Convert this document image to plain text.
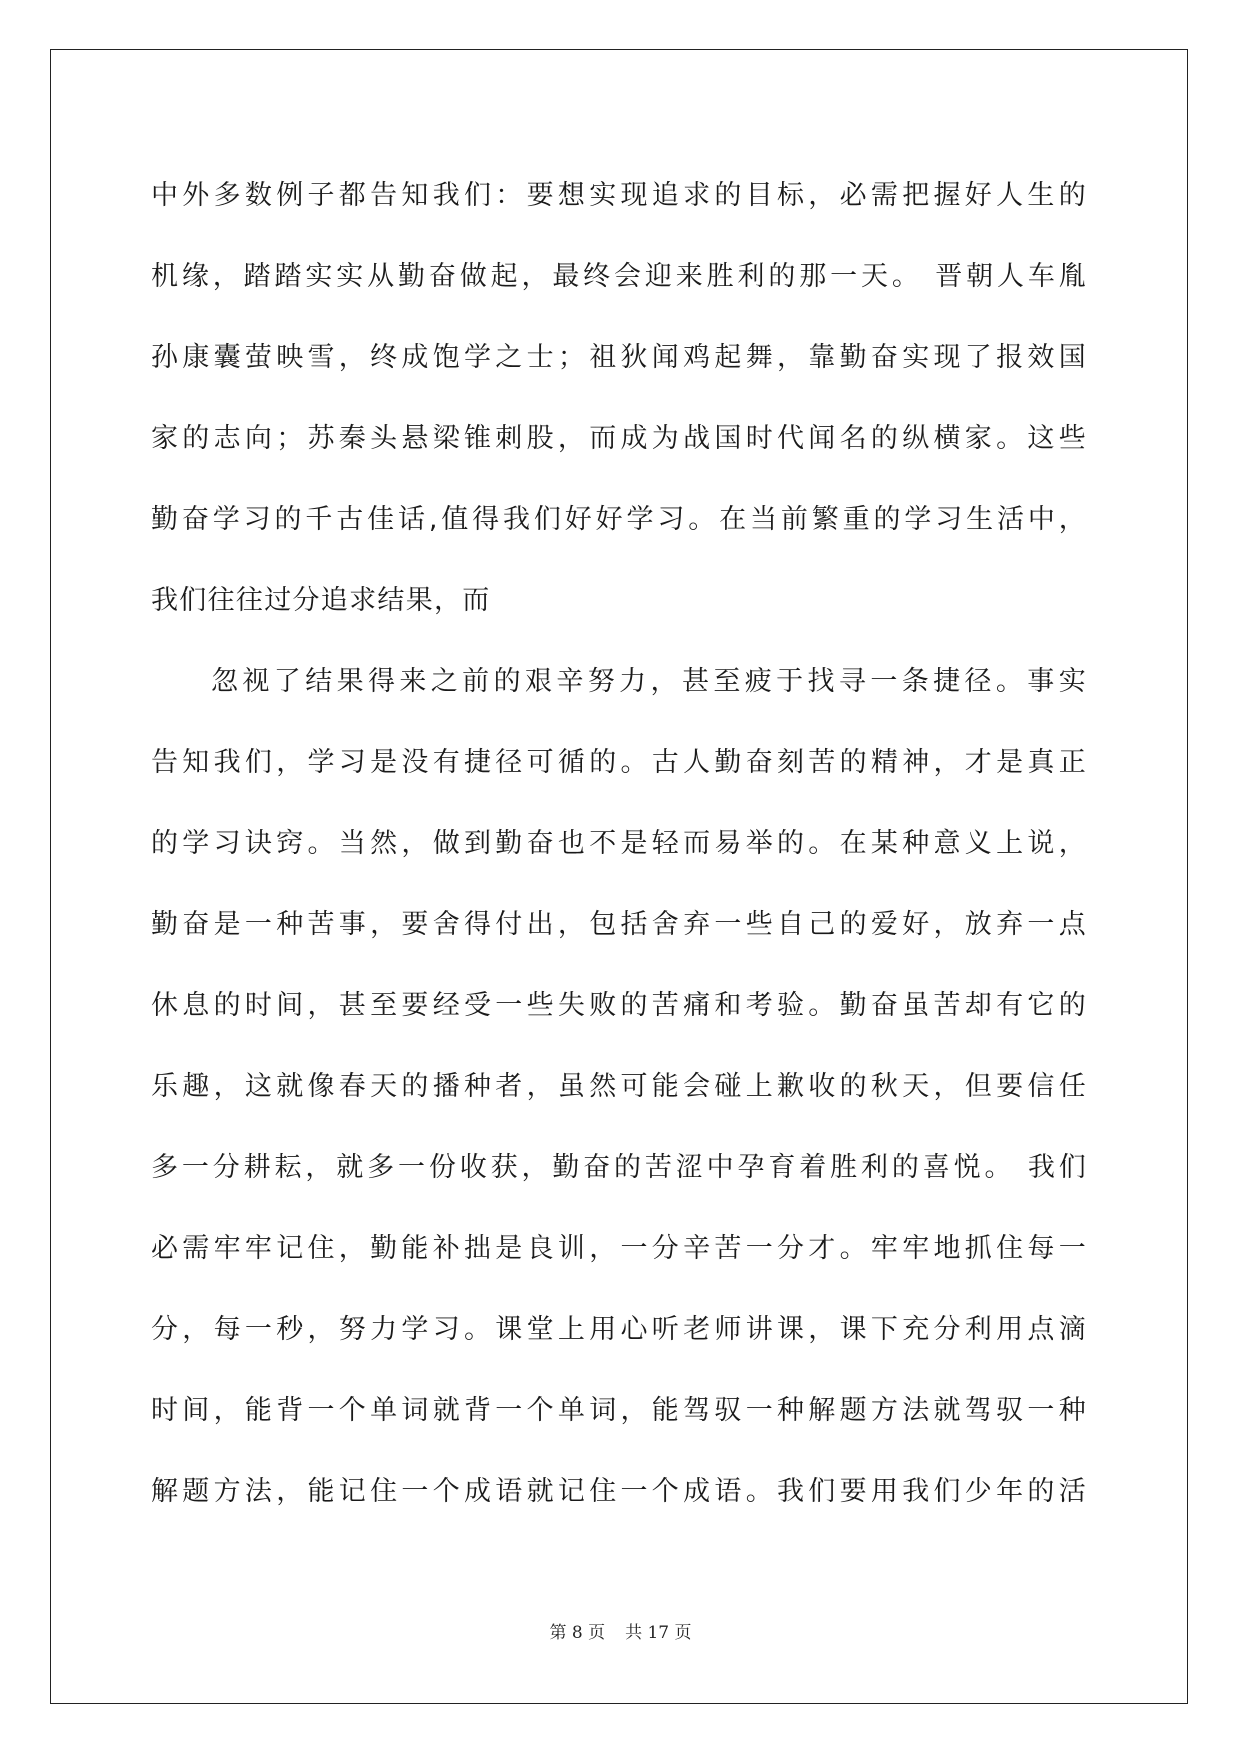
中外多数例子都告知我们：要想实现追求的目标，必需把握好人生的
机缘，踏踏实实从勤奋做起，最终会迎来胜利的那一天。 晋朝人车胤
孙康囊萤映雪，终成饱学之士；祖狄闻鸡起舞，靠勤奋实现了报效国
家的志向；苏秦头悬梁锥刺股，而成为战国时代闻名的纵横家。这些
勤奋学习的千古佳话,值得我们好好学习。在当前繁重的学习生活中，
我们往往过分追求结果，而
忽视了结果得来之前的艰辛努力，甚至疲于找寻一条捷径。事实
告知我们，学习是没有捷径可循的。古人勤奋刻苦的精神，才是真正
的学习诀窍。当然，做到勤奋也不是轻而易举的。在某种意义上说，
勤奋是一种苦事，要舍得付出，包括舍弃一些自己的爱好，放弃一点
休息的时间，甚至要经受一些失败的苦痛和考验。勤奋虽苦却有它的
乐趣，这就像春天的播种者，虽然可能会碰上歉收的秋天，但要信任
多一分耕耘，就多一份收获，勤奋的苦涩中孕育着胜利的喜悦。 我们
必需牢牢记住，勤能补拙是良训，一分辛苦一分才。牢牢地抓住每一
分，每一秒，努力学习。课堂上用心听老师讲课，课下充分利用点滴
时间，能背一个单词就背一个单词，能驾驭一种解题方法就驾驭一种
解题方法，能记住一个成语就记住一个成语。我们要用我们少年的活
第 8 页 共 17 页
